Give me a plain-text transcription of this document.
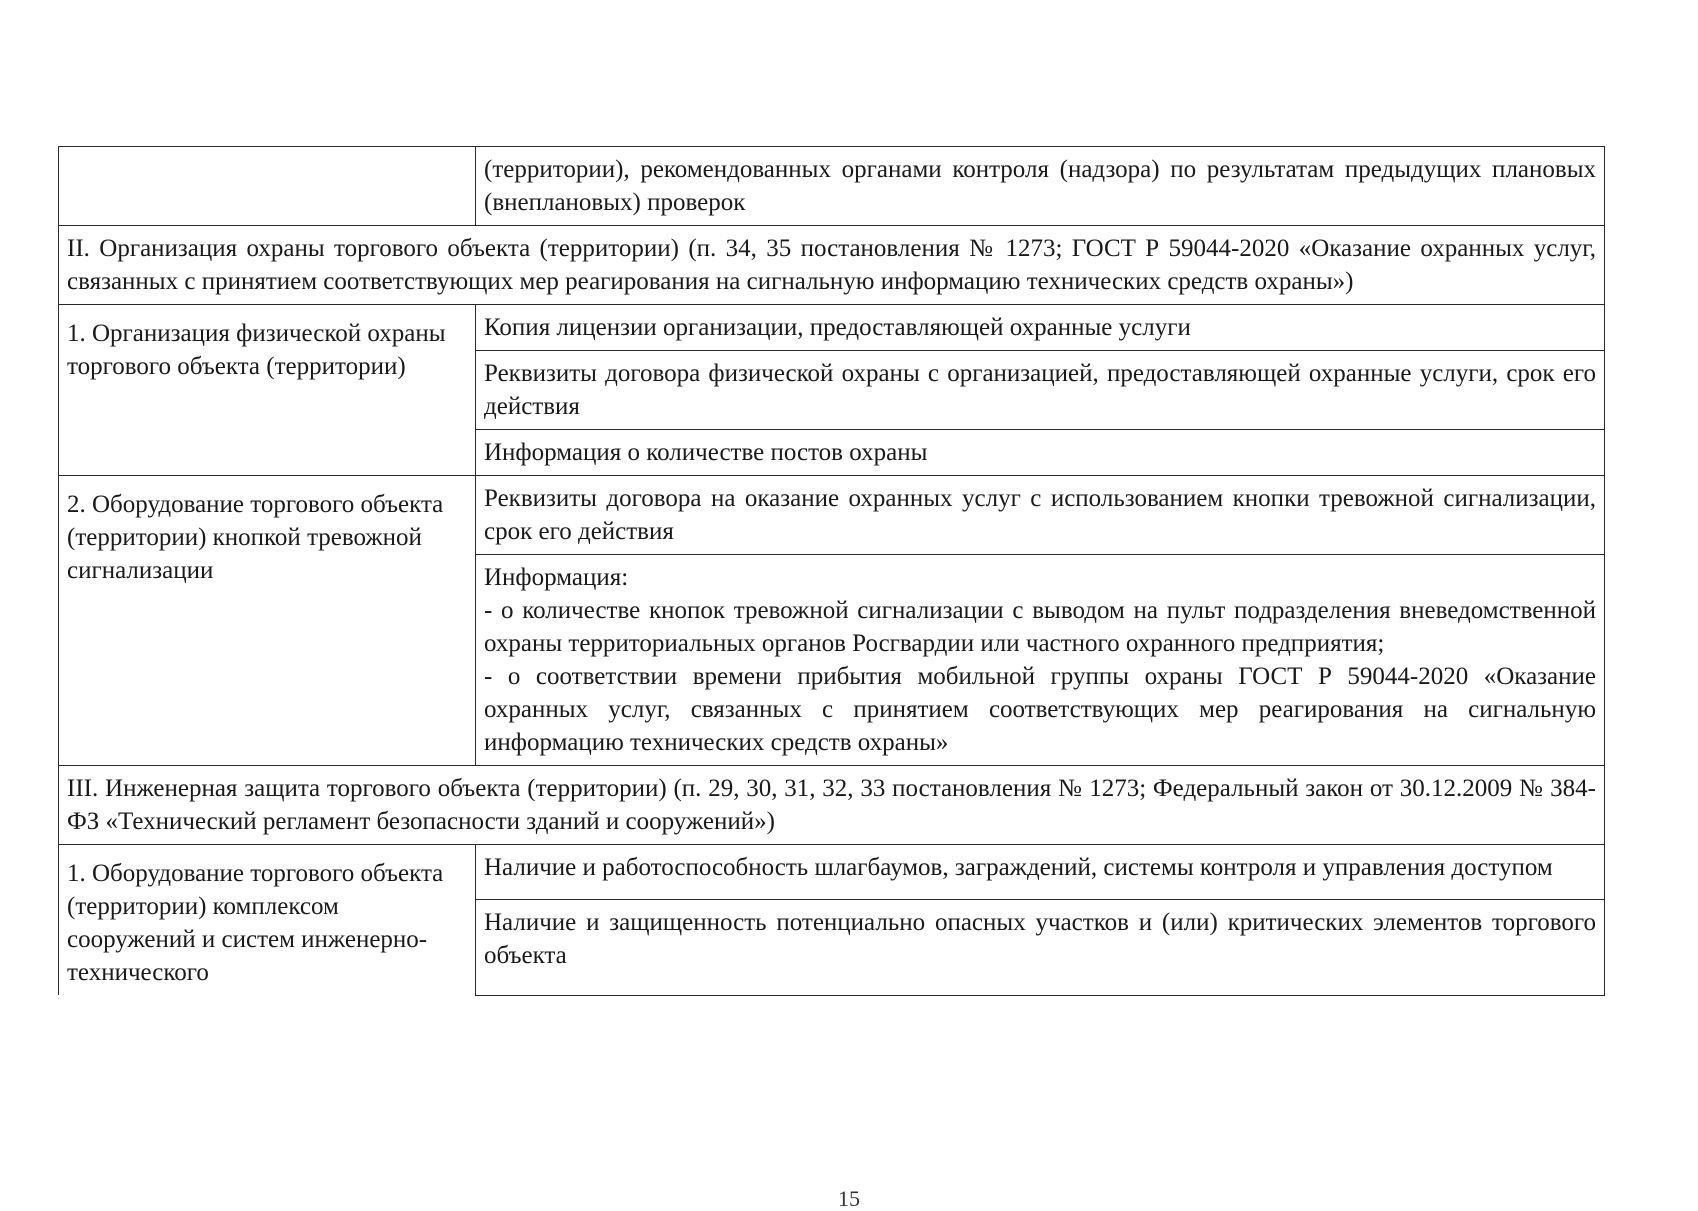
	(территории), рекомендованных органами контроля (надзора) по результатам предыдущих плановых (внеплановых) проверок
II. Организация охраны торгового объекта (территории) (п. 34, 35 постановления № 1273; ГОСТ Р 59044-2020 «Оказание охранных услуг, связанных с принятием соответствующих мер реагирования на сигнальную информацию технических средств охраны»)	
1. Организация физической охраны торгового объекта (территории)	Копия лицензии организации, предоставляющей охранные услуги
	Реквизиты договора физической охраны с организацией, предоставляющей охранные услуги, срок его действия
	Информация о количестве постов охраны
2. Оборудование торгового объекта (территории) кнопкой тревожной сигнализации	Реквизиты договора на оказание охранных услуг с использованием кнопки тревожной сигнализации, срок его действия

	Информация:
- о количестве кнопок тревожной сигнализации с выводом на пульт подразделения вневедомственной охраны территориальных органов Росгвардии или частного охранного предприятия;
- о соответствии времени прибытия мобильной группы охраны ГОСТ Р 59044-2020 «Оказание охранных услуг, связанных с принятием соответствующих мер реагирования на сигнальную информацию технических средств охраны»

III. Инженерная защита торгового объекта (территории) (п. 29, 30, 31, 32, 33 постановления № 1273; Федеральный закон от 30.12.2009 № 384-ФЗ «Технический регламент безопасности зданий и сооружений»)	
1. Оборудование торгового объекта (территории) комплексом сооружений и систем инженерно-технического	Наличие и работоспособность шлагбаумов, заграждений, системы контроля и управления доступом
	Наличие и защищенность потенциально опасных участков и (или) критических элементов торгового объекта
15
